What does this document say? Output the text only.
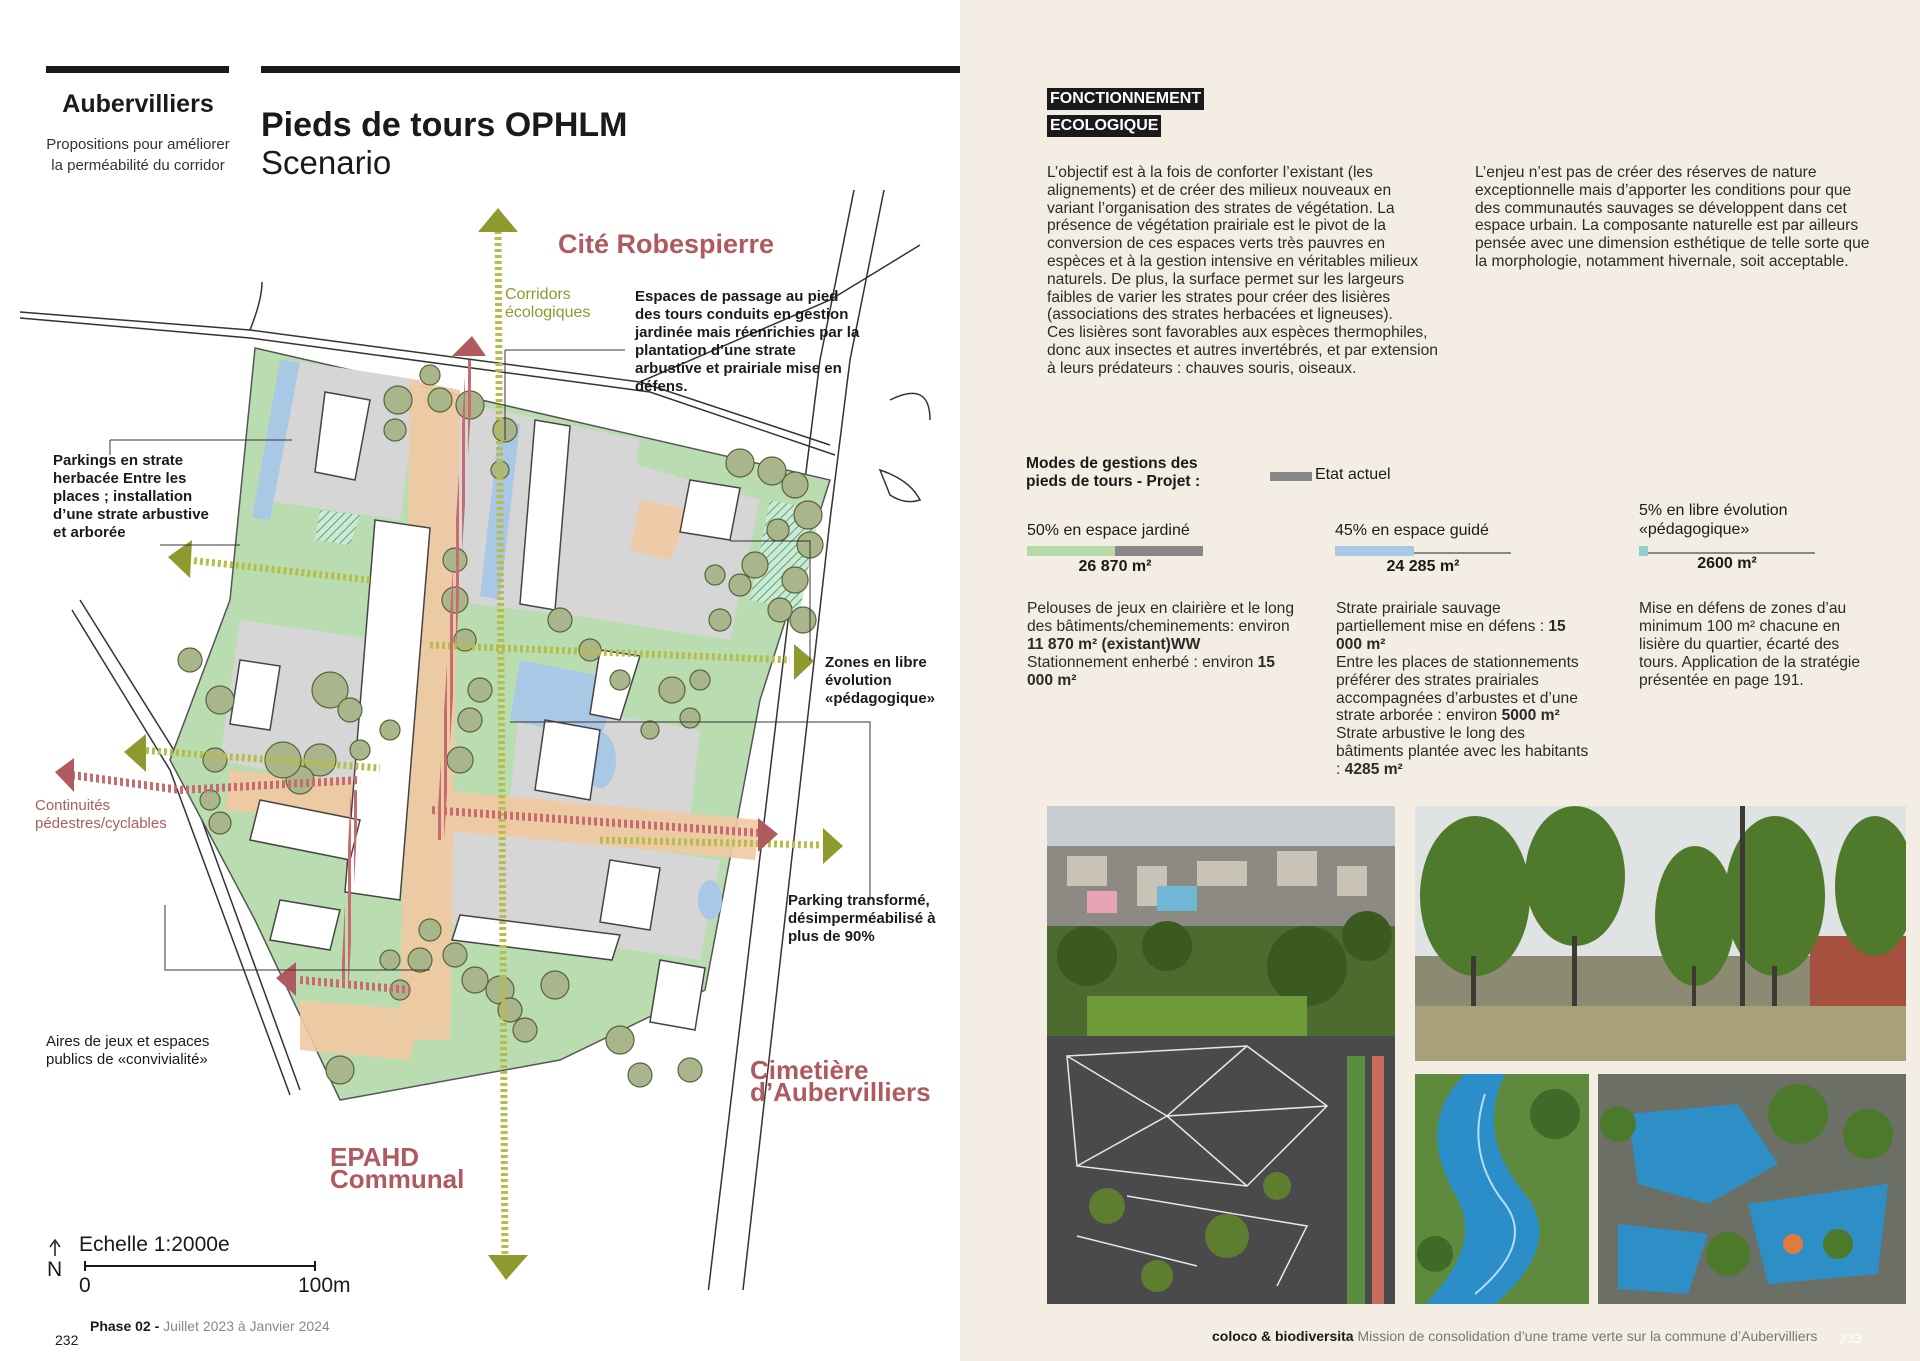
Aubervilliers
Propositions pour améliorer la perméabilité du corridor
Pieds de tours OPHLM
Scenario
Cité Robespierre
Corridors écologiques
Espaces de passage au pied des tours conduits en gestion jardinée mais réenrichies par la plantation d’une strate arbustive et prairiale mise en défens.
Parkings en strate herbacée Entre les places ; installation d’une strate arbustive et arborée
Zones en libre évolution «pédagogique»
Continuités pédestres/cyclables
Parking transformé, désimperméabilisé à plus de 90%
Aires de jeux et espaces publics de «convivialité»	Cimetière
d’Aubervilliers
EPAHD
Communal
N
Echelle 1:2000e
0	100m
Phase 02 - Juillet 2023 à Janvier 2024
232
FONCTIONNEMENT
ECOLOGIQUE
L’objectif est à la fois de conforter l’existant (les alignements) et de créer des milieux nouveaux en variant l’organisation des strates de végétation. La présence de végétation prairiale est le pivot de la conversion de ces espaces verts très pauvres en espèces et à la gestion intensive en véritables milieux naturels. De plus, la surface permet sur les largeurs faibles de varier les strates pour créer des lisières (associations des strates herbacées et ligneuses).
Ces lisières sont favorables aux espèces thermophiles, donc aux insectes et autres invertébrés, et par extension à leurs prédateurs : chauves souris, oiseaux.
L’enjeu n’est pas de créer des réserves de nature exceptionnelle mais d’apporter les conditions pour que des communautés sauvages se développent dans cet espace urbain. La composante naturelle est par ailleurs pensée avec une dimension esthétique de telle sorte que la morphologie, notamment hivernale, soit acceptable.
Modes de gestions des pieds de tours - Projet :	Etat actuel
50% en espace jardiné
26 870 m²
Pelouses de jeux en clairière et le long des bâtiments/cheminements: environ 11 870 m² (existant)WW
Stationnement enherbé : environ 15 000 m²
45% en espace guidé
24 285 m²
Strate prairiale sauvage partiellement mise en défens : 15 000 m²
Entre les places de stationnements préférer des strates prairiales accompagnées d’arbustes et d’une strate arborée : environ 5000 m²
Strate arbustive le long des bâtiments plantée avec les habitants : 4285 m²
5% en libre évolution «pédagogique»
2600 m²
Mise en défens de zones d’au minimum 100 m² chacune en lisière du quartier, écarté des tours. Application de la stratégie présentée en page 191.
coloco & biodiversita Mission de consolidation d’une trame verte sur la commune d’Aubervilliers 233
